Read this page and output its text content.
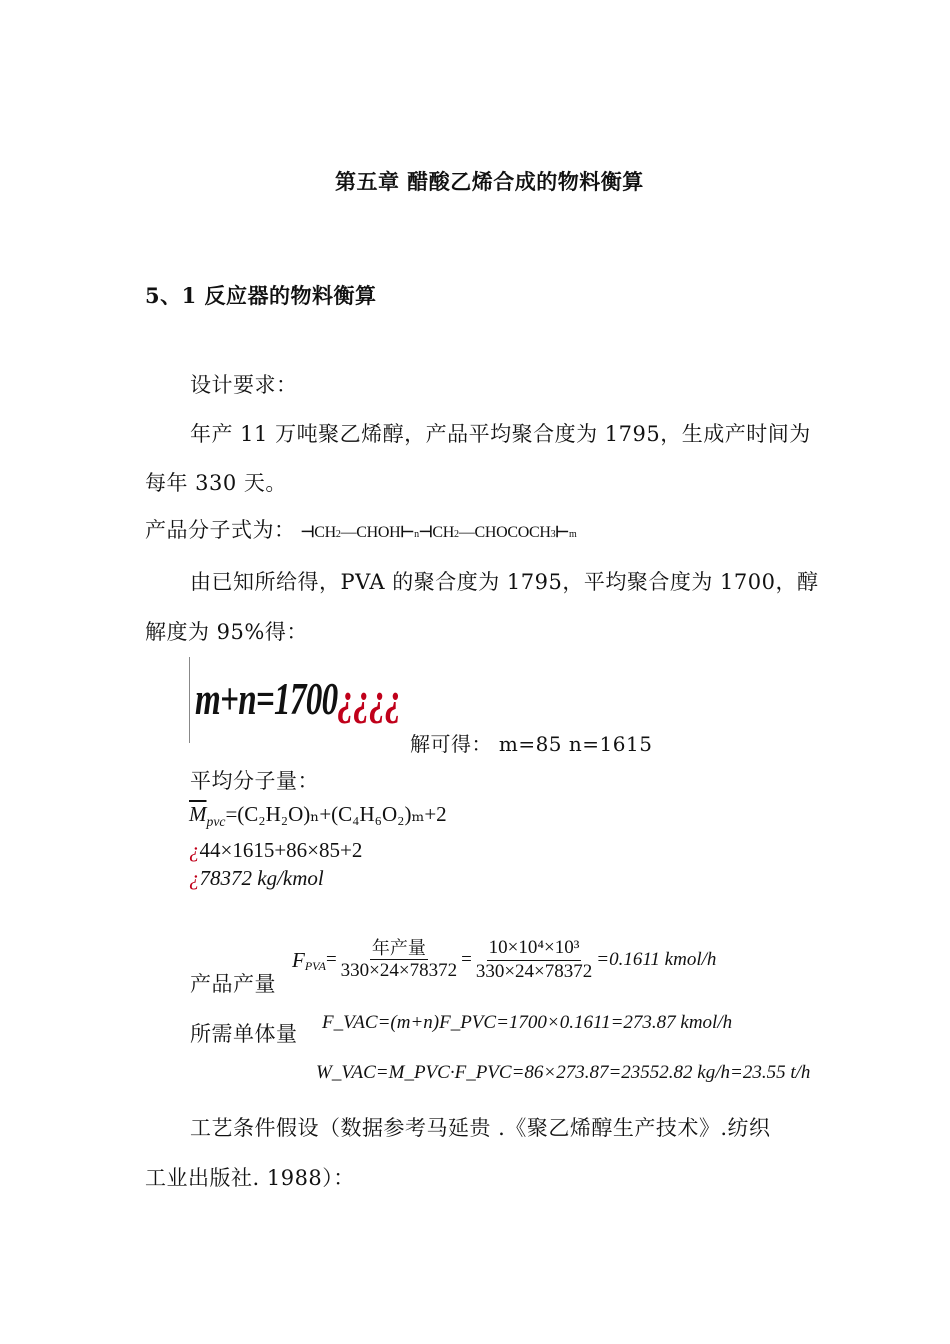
第五章 醋酸乙烯合成的物料衡算
5、1 反应器的物料衡算
设计要求：
年产 11 万吨聚乙烯醇，产品平均聚合度为 1795，生成产时间为
每年 330 天。
产品分子式为： ⊣CH2—CHOH⊢n⊣CH2—CHOCOCH3⊢m
由已知所给得，PVA 的聚合度为 1795，平均聚合度为 1700，醇
解度为 95%得：
m+n=1700¿¿¿¿
解可得： m=85 n=1615
平均分子量：
$\overline{M}_{pvc}=(C_2H_2O)_n+(C_4H_6O_2)_m+2$
¿44×1615+86×85+2
¿78372 kg/kmol
产品产量
$F_{PVA} = \frac{\text{年产量}}{330\times 24\times 78372} = \frac{\text{10×10⁴×10³}}{330\times 24\times 78372} =0.1611$ kmol/h
所需单体量 F_VAC=(m+n)F_PVC=1700×0.1611=273.87 kmol/h
W_VAC=M_PVC·F_PVC=86×273.87=23552.82 kg/h=23.55 t/h
工艺条件假设（数据参考马延贵 .《聚乙烯醇生产技术》.纺织
工业出版社. 1988）：
